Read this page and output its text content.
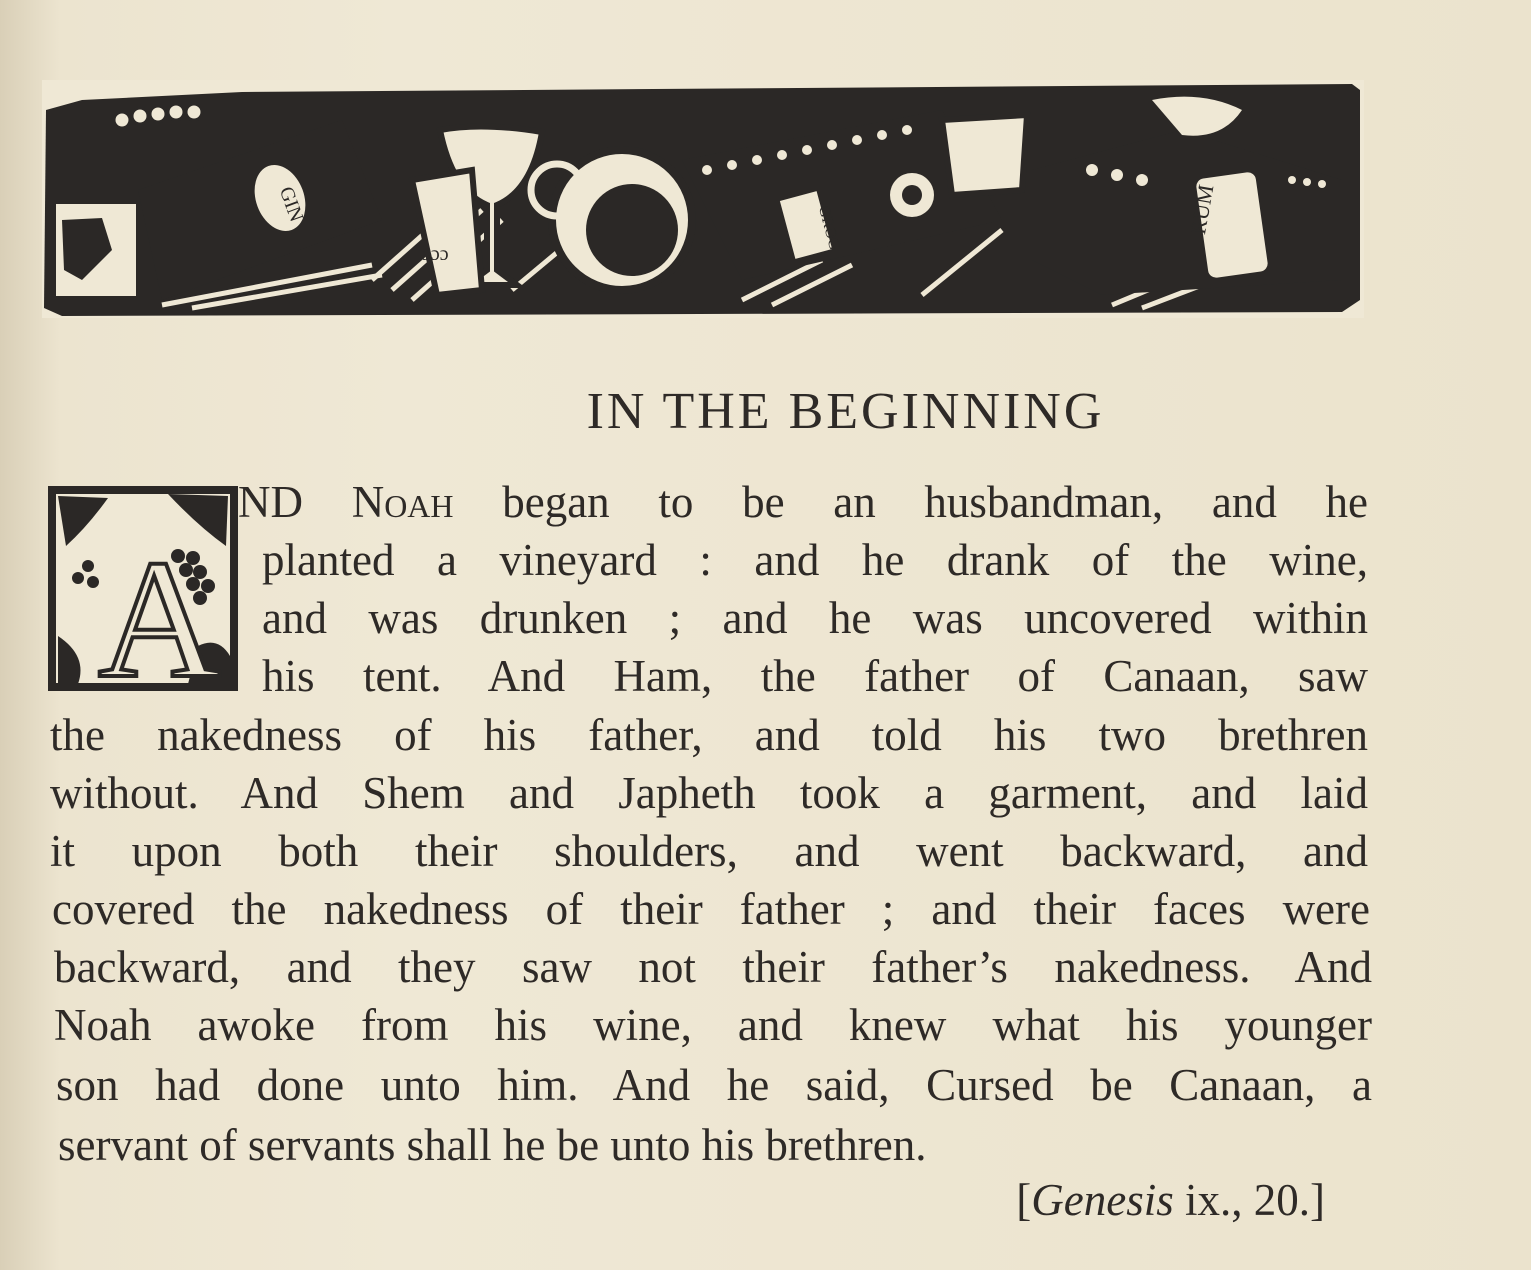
GIN
ɔɔɔ
GROG	RUM
IN THE BEGINNING
A
ND Noah began to be an husbandman, and he
planted a vineyard : and he drank of the wine,
and was drunken ; and he was uncovered within
his tent. And Ham, the father of Canaan, saw
the nakedness of his father, and told his two brethren
without. And Shem and Japheth took a garment, and laid
it upon both their shoulders, and went backward, and
covered the nakedness of their father ; and their faces were
backward, and they saw not their father’s nakedness. And
Noah awoke from his wine, and knew what his younger
son had done unto him. And he said, Cursed be Canaan, a
servant of servants shall he be unto his brethren.
[Genesis ix., 20.]
